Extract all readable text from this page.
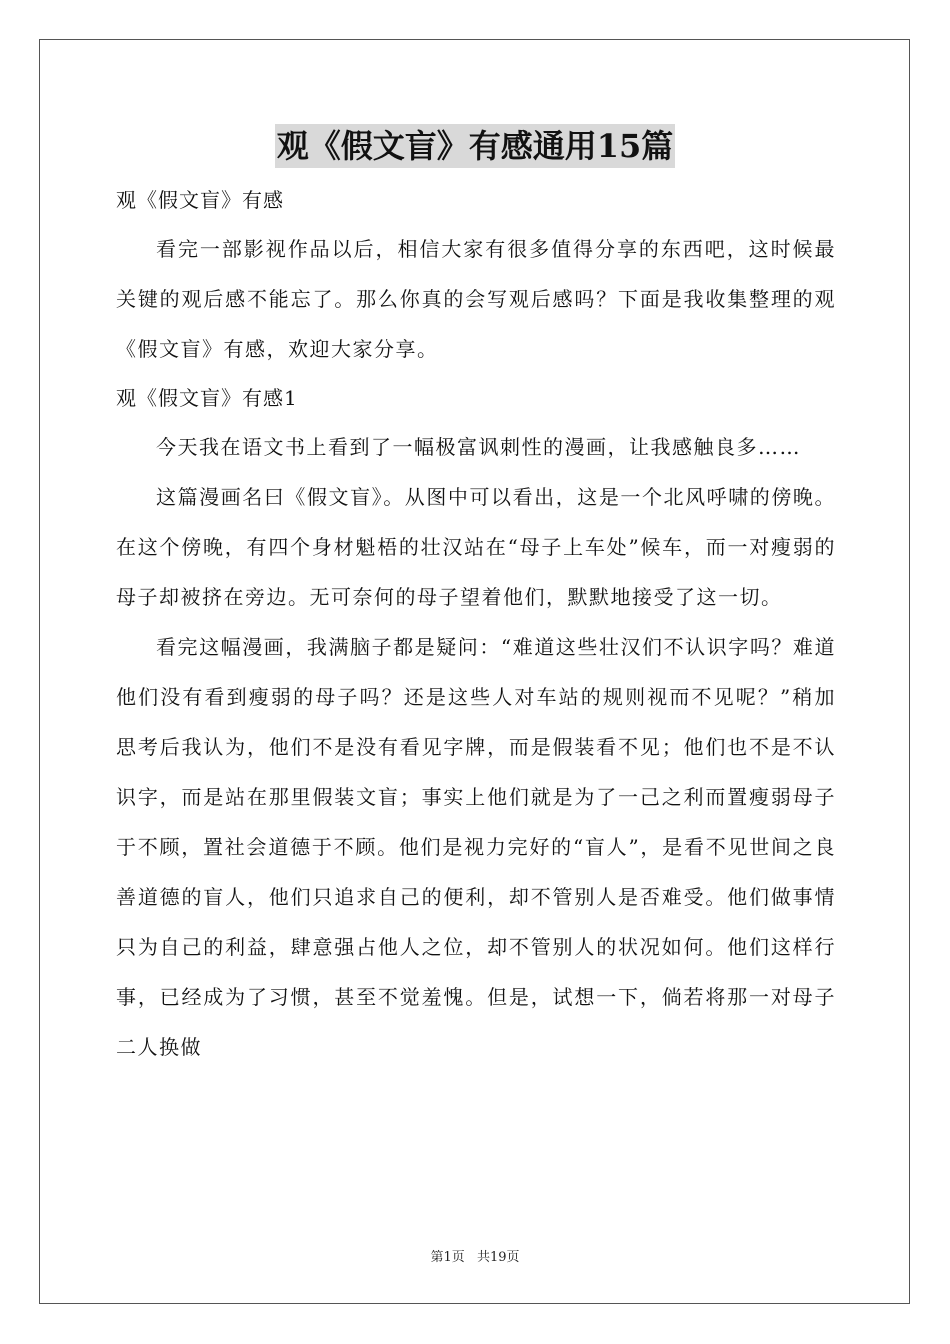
观《假文盲》有感通用15篇

观《假文盲》有感

看完一部影视作品以后，相信大家有很多值得分享的东西吧，这时候最关键的观后感不能忘了。那么你真的会写观后感吗？下面是我收集整理的观《假文盲》有感，欢迎大家分享。

观《假文盲》有感1

今天我在语文书上看到了一幅极富讽刺性的漫画，让我感触良多……

这篇漫画名曰《假文盲》。从图中可以看出，这是一个北风呼啸的傍晚。在这个傍晚，有四个身材魁梧的壮汉站在“母子上车处”候车，而一对瘦弱的母子却被挤在旁边。无可奈何的母子望着他们，默默地接受了这一切。

看完这幅漫画，我满脑子都是疑问：“难道这些壮汉们不认识字吗？难道他们没有看到瘦弱的母子吗？还是这些人对车站的规则视而不见呢？”稍加思考后我认为，他们不是没有看见字牌，而是假装看不见；他们也不是不认识字，而是站在那里假装文盲；事实上他们就是为了一己之利而置瘦弱母子于不顾，置社会道德于不顾。他们是视力完好的“盲人”，是看不见世间之良善道德的盲人，他们只追求自己的便利，却不管别人是否难受。他们做事情只为自己的利益，肆意强占他人之位，却不管别人的状况如何。他们这样行事，已经成为了习惯，甚至不觉羞愧。但是，试想一下，倘若将那一对母子二人换做

第1页 共19页
